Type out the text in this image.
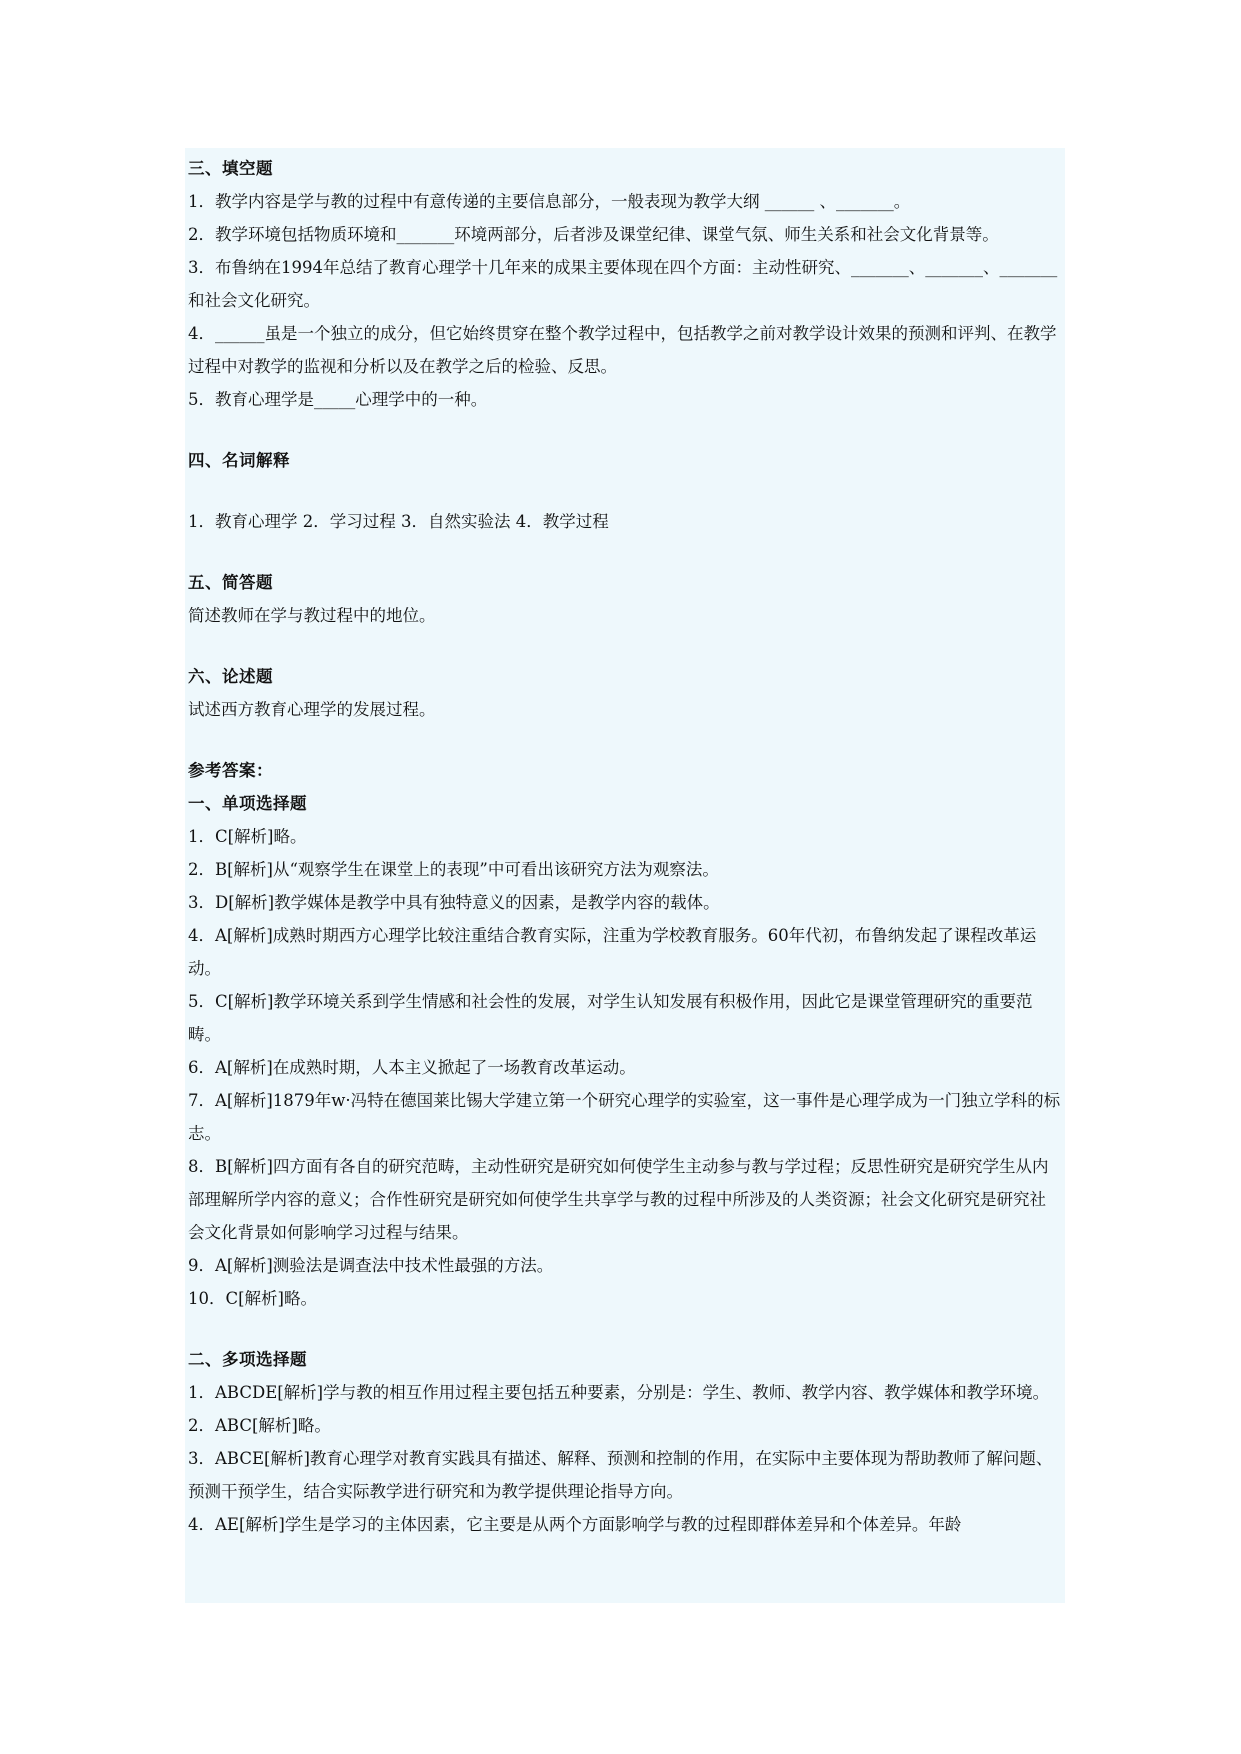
三、填空题
1．教学内容是学与教的过程中有意传递的主要信息部分，一般表现为教学大纲 ______ 、_______。
2．教学环境包括物质环境和_______环境两部分，后者涉及课堂纪律、课堂气氛、师生关系和社会文化背景等。
3．布鲁纳在1994年总结了教育心理学十几年来的成果主要体现在四个方面：主动性研究、_______、_______、_______ 和社会文化研究。
4．______虽是一个独立的成分，但它始终贯穿在整个教学过程中，包括教学之前对教学设计效果的预测和评判、在教学过程中对教学的监视和分析以及在教学之后的检验、反思。
5．教育心理学是_____心理学中的一种。
四、名词解释
1．教育心理学 2．学习过程 3．自然实验法 4．教学过程
五、简答题
简述教师在学与教过程中的地位。
六、论述题
试述西方教育心理学的发展过程。
参考答案：
一、单项选择题
1．C[解析]略。
2．B[解析]从“观察学生在课堂上的表现”中可看出该研究方法为观察法。
3．D[解析]教学媒体是教学中具有独特意义的因素，是教学内容的载体。
4．A[解析]成熟时期西方心理学比较注重结合教育实际，注重为学校教育服务。60年代初，布鲁纳发起了课程改革运动。
5．C[解析]教学环境关系到学生情感和社会性的发展，对学生认知发展有积极作用，因此它是课堂管理研究的重要范畴。
6．A[解析]在成熟时期，人本主义掀起了一场教育改革运动。
7．A[解析]1879年w·冯特在德国莱比锡大学建立第一个研究心理学的实验室，这一事件是心理学成为一门独立学科的标志。
8．B[解析]四方面有各自的研究范畴，主动性研究是研究如何使学生主动参与教与学过程；反思性研究是研究学生从内部理解所学内容的意义；合作性研究是研究如何使学生共享学与教的过程中所涉及的人类资源；社会文化研究是研究社会文化背景如何影响学习过程与结果。
9．A[解析]测验法是调查法中技术性最强的方法。
10．C[解析]略。
二、多项选择题
1．ABCDE[解析]学与教的相互作用过程主要包括五种要素，分别是：学生、教师、教学内容、教学媒体和教学环境。
2．ABC[解析]略。
3．ABCE[解析]教育心理学对教育实践具有描述、解释、预测和控制的作用，在实际中主要体现为帮助教师了解问题、预测干预学生，结合实际教学进行研究和为教学提供理论指导方向。
4．AE[解析]学生是学习的主体因素，它主要是从两个方面影响学与教的过程即群体差异和个体差异。年龄
